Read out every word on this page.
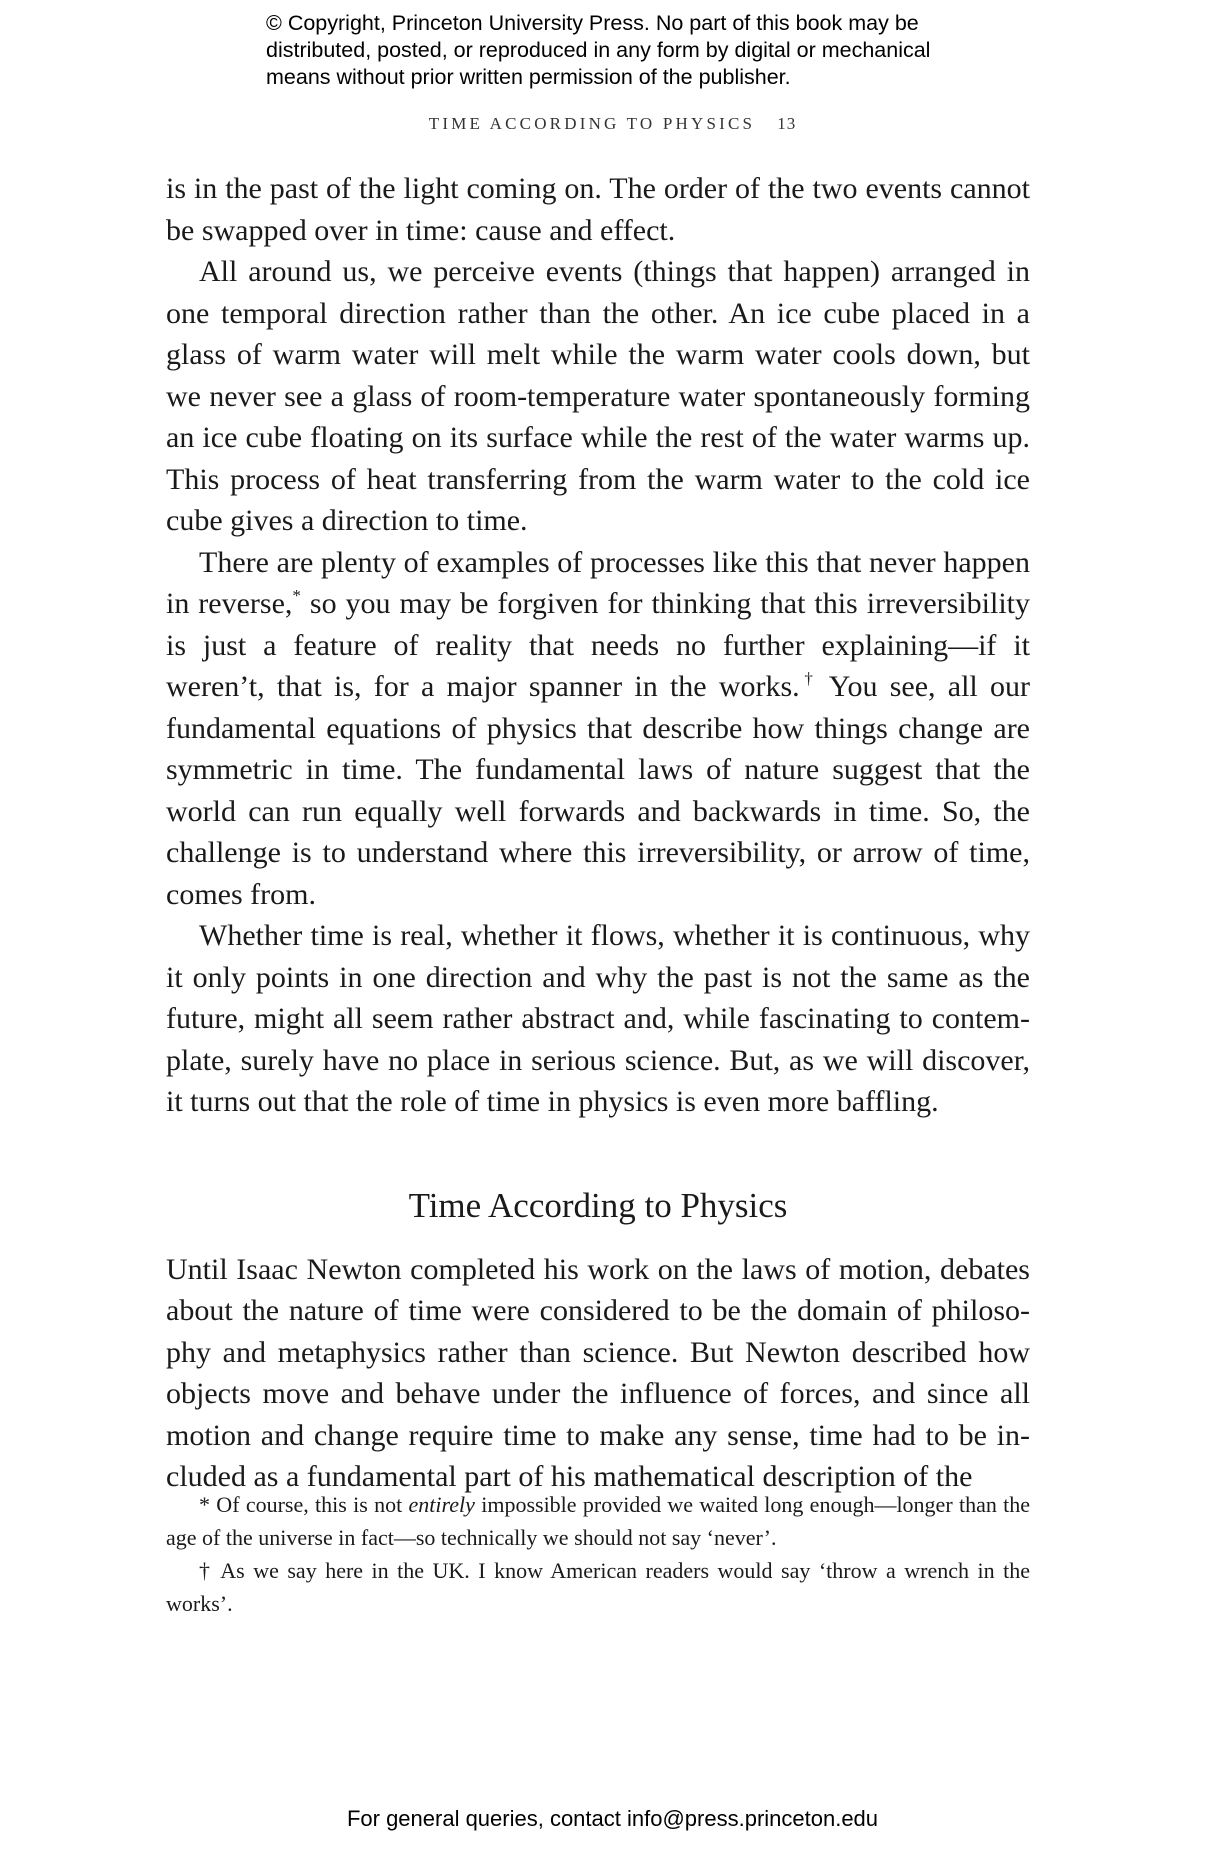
© Copyright, Princeton University Press. No part of this book may be

distributed, posted, or reproduced in any form by digital or mechanical

means without prior written permission of the publisher.

TIME ACCORDING TO PHYSICS 13

is in the past of the light coming on. The order of the two events cannot be swapped over in time: cause and effect.

All around us, we perceive events (things that happen) arranged in one temporal direction rather than the other. An ice cube placed in a glass of warm water will melt while the warm water cools down, but we never see a glass of room-temperature water spontaneously forming an ice cube floating on its surface while the rest of the water warms up. This process of heat transferring from the warm water to the cold ice cube gives a direction to time.

There are plenty of examples of processes like this that never happen in reverse,* so you may be forgiven for thinking that this irreversibility is just a feature of reality that needs no further explaining—if it weren’t, that is, for a major spanner in the works.† You see, all our fundamental equations of physics that describe how things change are symmetric in time. The fundamental laws of nature suggest that the world can run equally well forwards and backwards in time. So, the challenge is to understand where this irreversibility, or arrow of time, comes from.

Whether time is real, whether it flows, whether it is continuous, why it only points in one direction and why the past is not the same as the future, might all seem rather abstract and, while fascinating to contemplate, surely have no place in serious science. But, as we will discover, it turns out that the role of time in physics is even more baffling.

Time According to Physics

Until Isaac Newton completed his work on the laws of motion, debates about the nature of time were considered to be the domain of philosophy and metaphysics rather than science. But Newton described how objects move and behave under the influence of forces, and since all motion and change require time to make any sense, time had to be included as a fundamental part of his mathematical description of the

* Of course, this is not entirely impossible provided we waited long enough—longer than the age of the universe in fact—so technically we should not say ‘never’.

† As we say here in the UK. I know American readers would say ‘throw a wrench in the works’.

For general queries, contact info@press.princeton.edu
